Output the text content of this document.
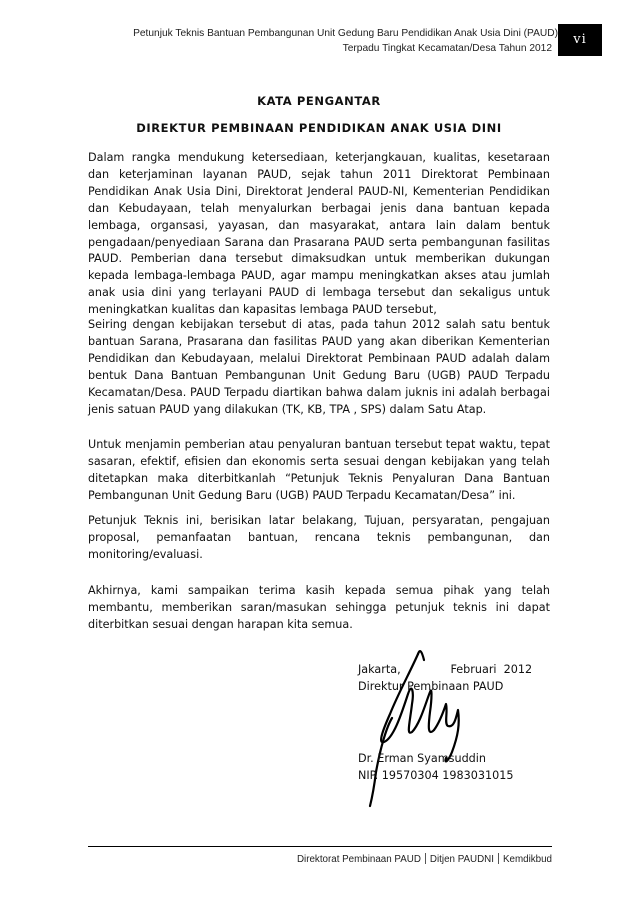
Petunjuk Teknis Bantuan Pembangunan Unit Gedung Baru Pendidikan Anak Usia Dini (PAUD)
Terpadu Tingkat Kecamatan/Desa Tahun 2012
vi
KATA PENGANTAR
DIREKTUR PEMBINAAN PENDIDIKAN ANAK USIA DINI

Dalam rangka mendukung ketersediaan, keterjangkauan, kualitas, kesetaraan dan keterjaminan layanan PAUD, sejak tahun 2011 Direktorat Pembinaan Pendidikan Anak Usia Dini, Direktorat Jenderal PAUD-NI, Kementerian Pendidikan dan Kebudayaan, telah menyalurkan berbagai jenis dana bantuan kepada lembaga, organsasi, yayasan, dan masyarakat, antara lain dalam bentuk pengadaan/penyediaan Sarana dan Prasarana PAUD serta pembangunan fasilitas PAUD. Pemberian dana tersebut dimaksudkan untuk memberikan dukungan kepada lembaga-lembaga PAUD, agar mampu meningkatkan akses atau jumlah anak usia dini yang terlayani PAUD di lembaga tersebut dan sekaligus untuk meningkatkan kualitas dan kapasitas lembaga PAUD tersebut,

Seiring dengan kebijakan tersebut di atas, pada tahun 2012 salah satu bentuk bantuan Sarana, Prasarana dan fasilitas PAUD yang akan diberikan Kementerian Pendidikan dan Kebudayaan, melalui Direktorat Pembinaan PAUD adalah dalam bentuk Dana Bantuan Pembangunan Unit Gedung Baru (UGB) PAUD Terpadu Kecamatan/Desa. PAUD Terpadu diartikan bahwa dalam juknis ini adalah berbagai jenis satuan PAUD yang dilakukan (TK, KB, TPA , SPS) dalam Satu Atap.

Untuk menjamin pemberian atau penyaluran bantuan tersebut tepat waktu, tepat sasaran, efektif, efisien dan ekonomis serta sesuai dengan kebijakan yang telah ditetapkan maka diterbitkanlah “Petunjuk Teknis Penyaluran Dana Bantuan Pembangunan Unit Gedung Baru (UGB) PAUD Terpadu Kecamatan/Desa” ini.

Petunjuk Teknis ini, berisikan latar belakang, Tujuan, persyaratan, pengajuan proposal, pemanfaatan bantuan, rencana teknis pembangunan, dan monitoring/evaluasi.

Akhirnya, kami sampaikan terima kasih kepada semua pihak yang telah membantu, memberikan saran/masukan sehingga petunjuk teknis ini dapat diterbitkan sesuai dengan harapan kita semua.

Jakarta,              Februari  2012
Direktur Pembinaan PAUD
Dr. Erman Syamsuddin
NIP. 19570304 1983031015
Direktorat Pembinaan PAUD Ditjen PAUDNI Kemdikbud
